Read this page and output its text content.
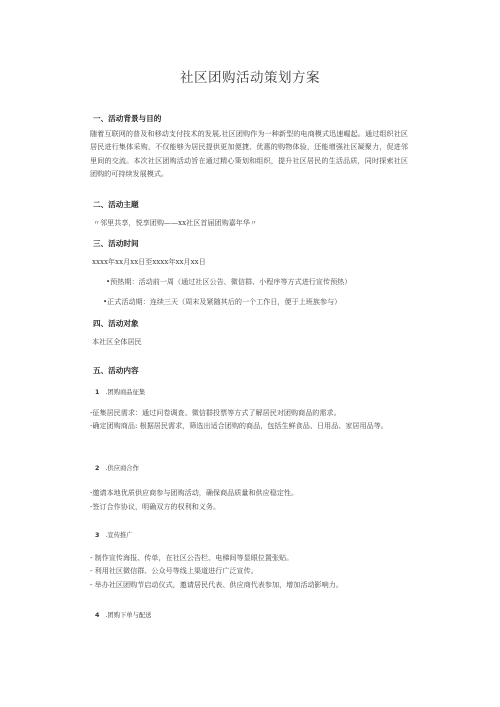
社区团购活动策划方案
一、活动背景与目的
随着互联网的普及和移动支付技术的发展,社区团购作为一种新型的电商模式迅速崛起。通过组织社区居民进行集体采购，不仅能够为居民提供更加便捷、优惠的购物体验，还能增强社区凝聚力，促进邻里间的交流。本次社区团购活动旨在通过精心策划和组织，提升社区居民的生活品质，同时探索社区团购的可持续发展模式。
二、活动主题
〃邻里共享，悦享团购——xx社区首届团购嘉年华〃
三、活动时间
xxxx年xx月xx日至xxxx年xx月xx日
•预热期：活动前一周（通过社区公告、微信群、小程序等方式进行宣传预热）
•正式活动期：连续三天（周末及紧随其后的一个工作日，便于上班族参与）
四、活动对象
本社区全体居民
五、活动内容
1 .团购商品征集
-征集居民需求：通过问卷调查、微信群投票等方式了解居民对团购商品的需求。
-确定团购商品: 根据居民需求，筛选出适合团购的商品，包括生鲜食品、日用品、家居用品等。
2 .供应商合作
-邀请本地优质供应商参与团购活动，确保商品质量和供应稳定性。
-签订合作协议，明确双方的权利和义务。
3 .宣传推广
- 制作宣传海报、传单，在社区公告栏、电梯间等显眼位置张贴。
- 利用社区微信群、公众号等线上渠道进行广泛宣传。
- 举办社区团购节启动仪式，邀请居民代表、供应商代表参加，增加活动影响力。
4 .团购下单与配送
